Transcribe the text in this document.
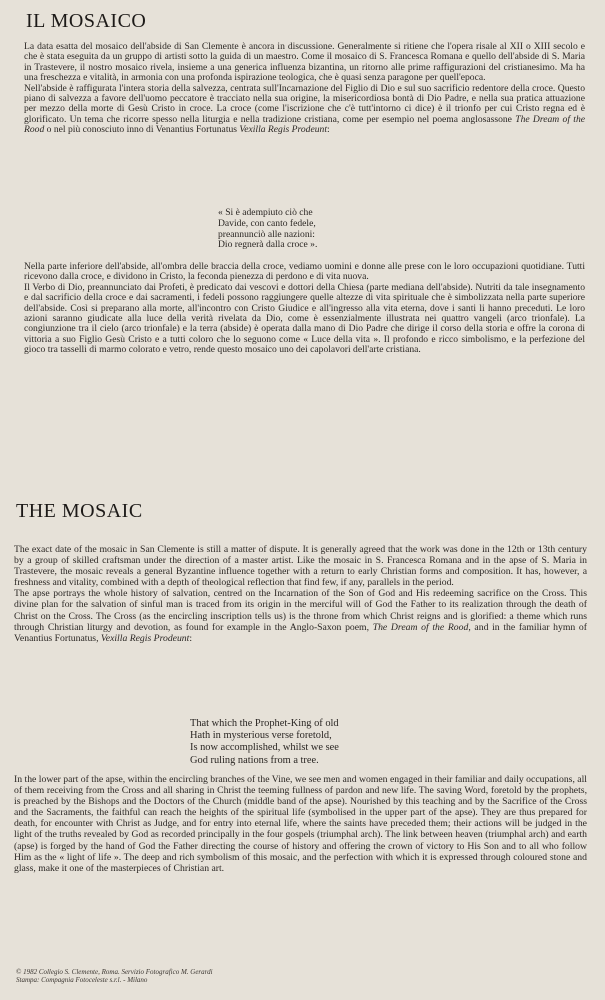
IL MOSAICO

La data esatta del mosaico dell'abside di San Clemente è ancora in discussione. Generalmente si ritiene che l'opera risale al XII o XIII secolo e che è stata eseguita da un gruppo di artisti sotto la guida di un maestro. Come il mosaico di S. Francesca Romana e quello dell'abside di S. Maria in Trastevere, il nostro mosaico rivela, insieme a una generica influenza bizantina, un ritorno alle prime raffigurazioni del cristianesimo. Ma ha una freschezza e vitalità, in armonia con una profonda ispirazione teologica, che è quasi senza paragone per quell'epoca.

Nell'abside è raffigurata l'intera storia della salvezza, centrata sull'Incarnazione del Figlio di Dio e sul suo sacrificio redentore della croce. Questo piano di salvezza a favore dell'uomo peccatore è tracciato nella sua origine, la misericordiosa bontà di Dio Padre, e nella sua pratica attuazione per mezzo della morte di Gesù Cristo in croce. La croce (come l'iscrizione che c'è tutt'intorno ci dice) è il trionfo per cui Cristo regna ed è glorificato. Un tema che ricorre spesso nella liturgia e nella tradizione cristiana, come per esempio nel poema anglosassone The Dream of the Rood o nel più conosciuto inno di Venantius Fortunatus Vexilla Regis Prodeunt:

« Si è adempiuto ciò che
Davide, con canto fedele,
preannunciò alle nazioni:
Dio regnerà dalla croce ».

Nella parte inferiore dell'abside, all'ombra delle braccia della croce, vediamo uomini e donne alle prese con le loro occupazioni quotidiane. Tutti ricevono dalla croce, e dividono in Cristo, la feconda pienezza di perdono e di vita nuova.

Il Verbo di Dio, preannunciato dai Profeti, è predicato dai vescovi e dottori della Chiesa (parte mediana dell'abside). Nutriti da tale insegnamento e dal sacrificio della croce e dai sacramenti, i fedeli possono raggiungere quelle altezze di vita spirituale che è simbolizzata nella parte superiore dell'abside. Così si preparano alla morte, all'incontro con Cristo Giudice e all'ingresso alla vita eterna, dove i santi li hanno preceduti. Le loro azioni saranno giudicate alla luce della verità rivelata da Dio, come è essenzialmente illustrata nei quattro vangeli (arco trionfale). La congiunzione tra il cielo (arco trionfale) e la terra (abside) è operata dalla mano di Dio Padre che dirige il corso della storia e offre la corona di vittoria a suo Figlio Gesù Cristo e a tutti coloro che lo seguono come « Luce della vita ». Il profondo e ricco simbolismo, e la perfezione del gioco tra tasselli di marmo colorato e vetro, rende questo mosaico uno dei capolavori dell'arte cristiana.

THE MOSAIC

The exact date of the mosaic in San Clemente is still a matter of dispute. It is generally agreed that the work was done in the 12th or 13th century by a group of skilled craftsman under the direction of a master artist. Like the mosaic in S. Francesca Romana and in the apse of S. Maria in Trastevere, the mosaic reveals a general Byzantine influence together with a return to early Christian forms and composition. It has, however, a freshness and vitality, combined with a depth of theological reflection that find few, if any, parallels in the period.

The apse portrays the whole history of salvation, centred on the Incarnation of the Son of God and His redeeming sacrifice on the Cross. This divine plan for the salvation of sinful man is traced from its origin in the merciful will of God the Father to its realization through the death of Christ on the Cross. The Cross (as the encircling inscription tells us) is the throne from which Christ reigns and is glorified: a theme which runs through Christian liturgy and devotion, as found for example in the Anglo-Saxon poem, The Dream of the Rood, and in the familiar hymn of Venantius Fortunatus, Vexilla Regis Prodeunt:

That which the Prophet-King of old
Hath in mysterious verse foretold,
Is now accomplished, whilst we see
God ruling nations from a tree.

In the lower part of the apse, within the encircling branches of the Vine, we see men and women engaged in their familiar and daily occupations, all of them receiving from the Cross and all sharing in Christ the teeming fullness of pardon and new life. The saving Word, foretold by the prophets, is preached by the Bishops and the Doctors of the Church (middle band of the apse). Nourished by this teaching and by the Sacrifice of the Cross and the Sacraments, the faithful can reach the heights of the spiritual life (symbolised in the upper part of the apse). They are thus prepared for death, for encounter with Christ as Judge, and for entry into eternal life, where the saints have preceded them; their actions will be judged in the light of the truths revealed by God as recorded principally in the four gospels (triumphal arch). The link between heaven (triumphal arch) and earth (apse) is forged by the hand of God the Father directing the course of history and offering the crown of victory to His Son and to all who follow Him as the « light of life ». The deep and rich symbolism of this mosaic, and the perfection with which it is expressed through coloured stone and glass, make it one of the masterpieces of Christian art.

© 1982 Collegio S. Clemente, Roma. Servizio Fotografico M. Gerardi
Stampa: Compagnia Fotoceleste s.r.l. - Milano
